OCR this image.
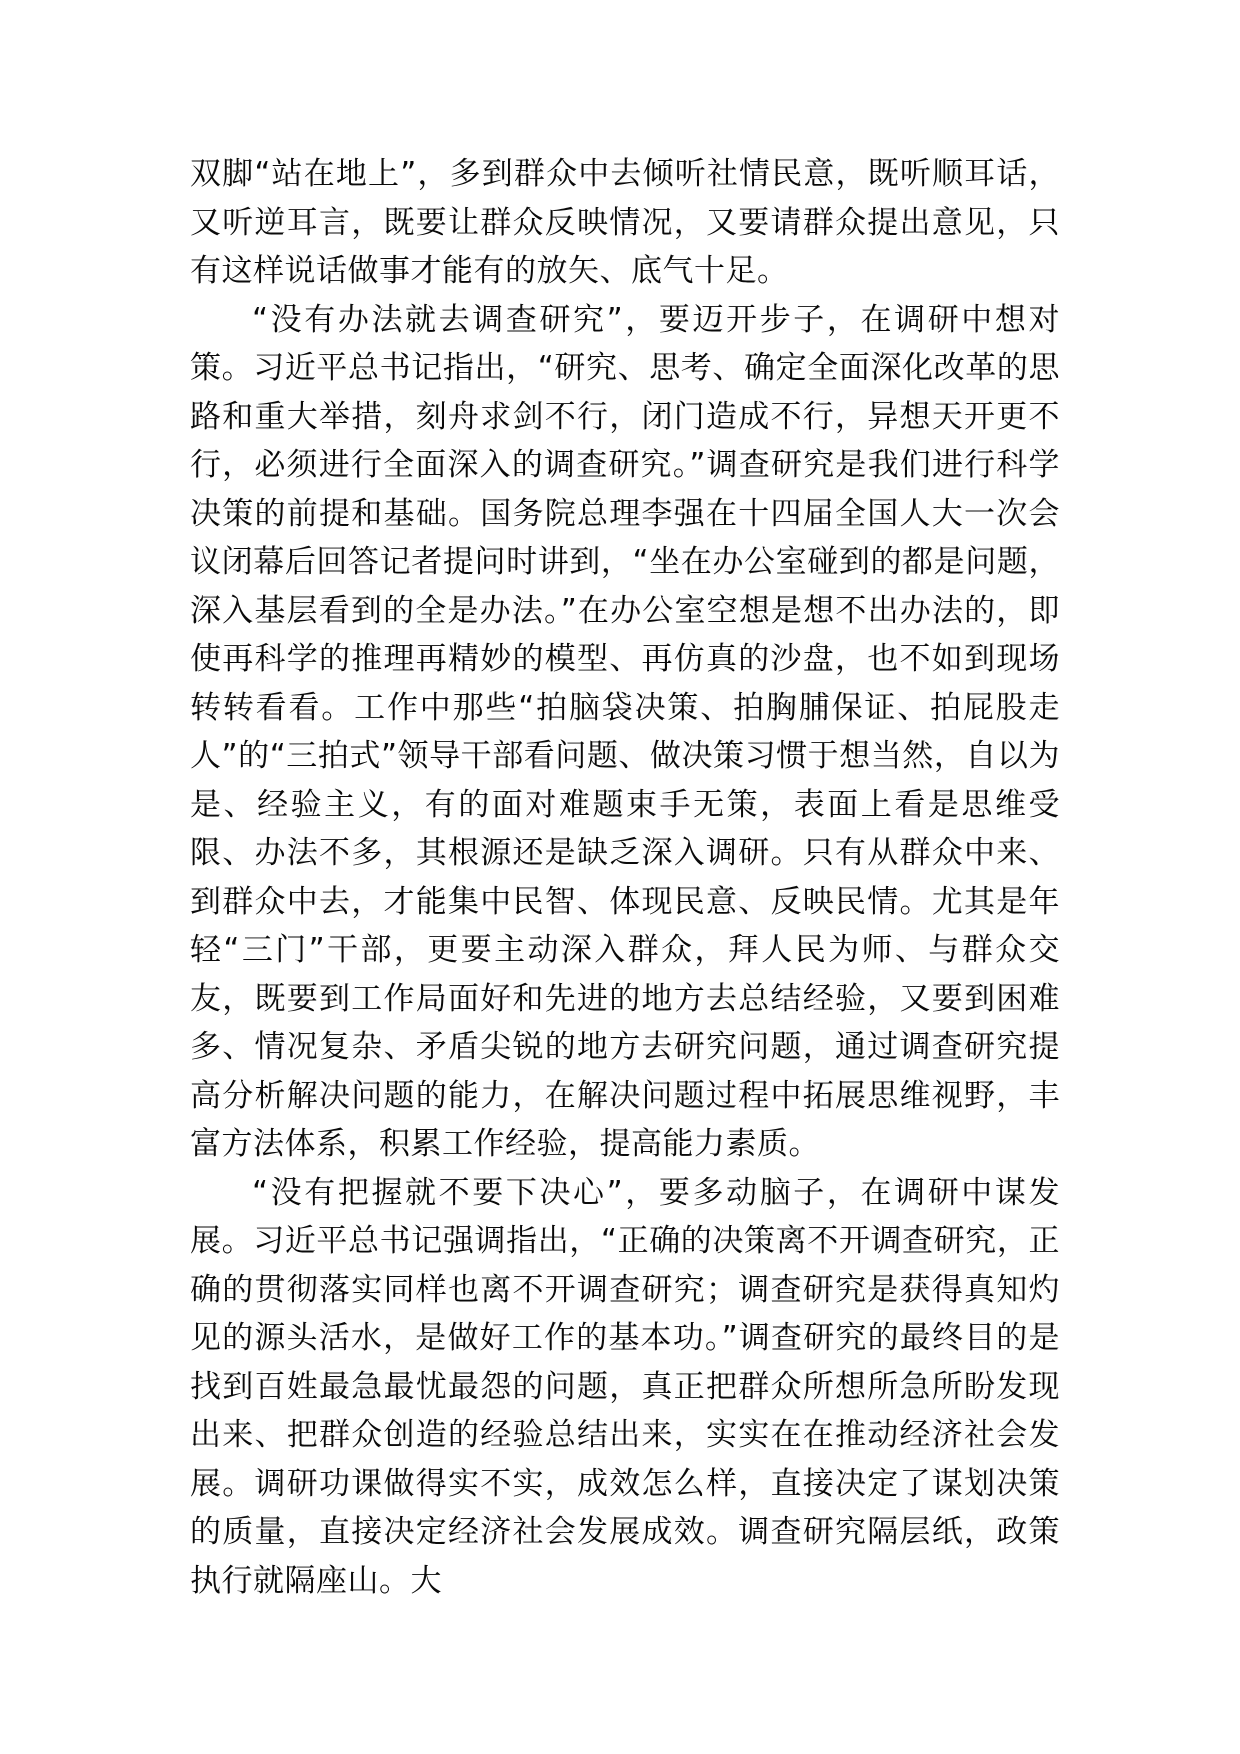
双脚“站在地上”，多到群众中去倾听社情民意，既听顺耳话，又听逆耳言，既要让群众反映情况，又要请群众提出意见，只有这样说话做事才能有的放矢、底气十足。

“没有办法就去调查研究”，要迈开步子，在调研中想对策。习近平总书记指出，“研究、思考、确定全面深化改革的思路和重大举措，刻舟求剑不行，闭门造成不行，异想天开更不行，必须进行全面深入的调查研究。”调查研究是我们进行科学决策的前提和基础。国务院总理李强在十四届全国人大一次会议闭幕后回答记者提问时讲到，“坐在办公室碰到的都是问题，深入基层看到的全是办法。”在办公室空想是想不出办法的，即使再科学的推理再精妙的模型、再仿真的沙盘，也不如到现场转转看看。工作中那些“拍脑袋决策、拍胸脯保证、拍屁股走人”的“三拍式”领导干部看问题、做决策习惯于想当然，自以为是、经验主义，有的面对难题束手无策，表面上看是思维受限、办法不多，其根源还是缺乏深入调研。只有从群众中来、到群众中去，才能集中民智、体现民意、反映民情。尤其是年轻“三门”干部，更要主动深入群众，拜人民为师、与群众交友，既要到工作局面好和先进的地方去总结经验，又要到困难多、情况复杂、矛盾尖锐的地方去研究问题，通过调查研究提高分析解决问题的能力，在解决问题过程中拓展思维视野，丰富方法体系，积累工作经验，提高能力素质。

“没有把握就不要下决心”，要多动脑子，在调研中谋发展。习近平总书记强调指出，“正确的决策离不开调查研究，正确的贯彻落实同样也离不开调查研究；调查研究是获得真知灼见的源头活水，是做好工作的基本功。”调查研究的最终目的是找到百姓最急最忧最怨的问题，真正把群众所想所急所盼发现出来、把群众创造的经验总结出来，实实在在推动经济社会发展。调研功课做得实不实，成效怎么样，直接决定了谋划决策的质量，直接决定经济社会发展成效。调查研究隔层纸，政策执行就隔座山。大
